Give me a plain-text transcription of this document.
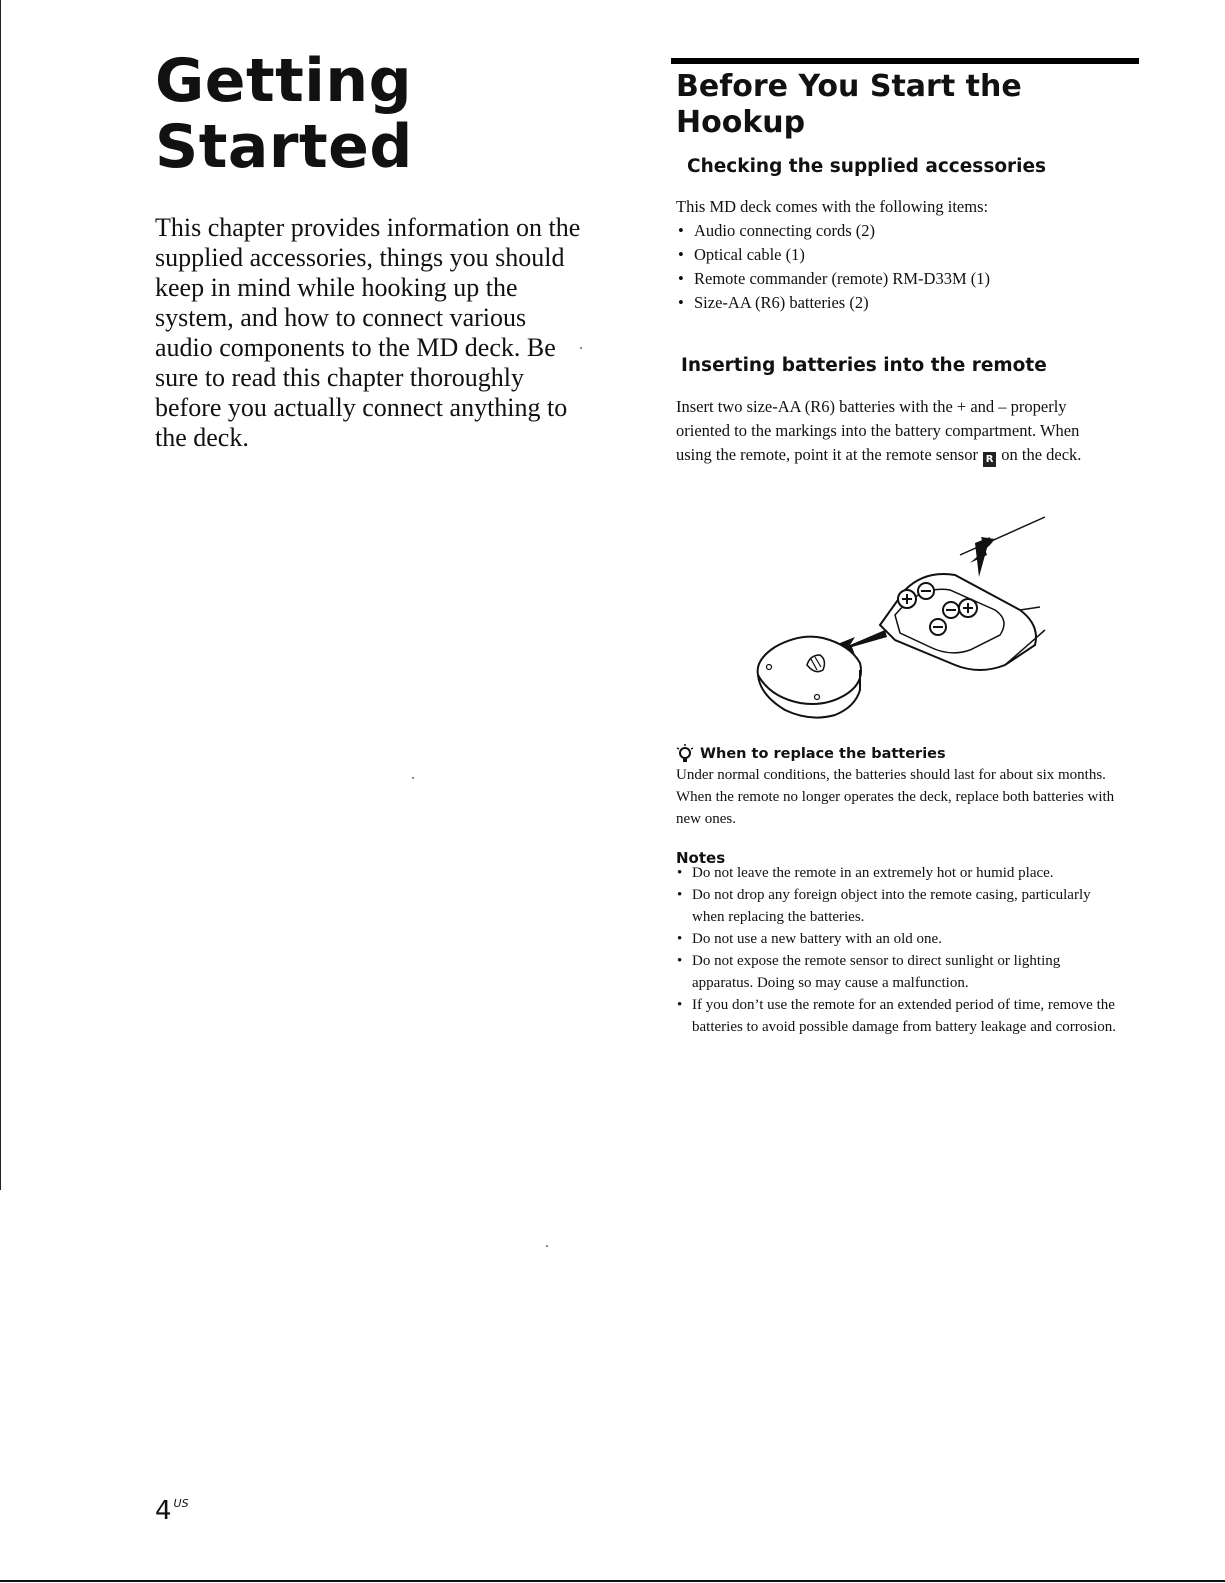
Getting
Started

This chapter provides information on the supplied accessories, things you should keep in mind while hooking up the system, and how to connect various audio components to the MD deck. Be sure to read this chapter thoroughly before you actually connect anything to the deck.

Before You Start the Hookup
Checking the supplied accessories
This MD deck comes with the following items:
• Audio connecting cords (2)
• Optical cable (1)
• Remote commander (remote) RM-D33M (1)
• Size-AA (R6) batteries (2)
Inserting batteries into the remote

Insert two size-AA (R6) batteries with the + and – properly oriented to the markings into the battery compartment. When using the remote, point it at the remote sensor R on the deck.

When to replace the batteries

Under normal conditions, the batteries should last for about six months. When the remote no longer operates the deck, replace both batteries with new ones.

Notes
• Do not leave the remote in an extremely hot or humid place.
• Do not drop any foreign object into the remote casing, particularly when replacing the batteries.
• Do not use a new battery with an old one.
• Do not expose the remote sensor to direct sunlight or lighting apparatus. Doing so may cause a malfunction.
• If you don’t use the remote for an extended period of time, remove the batteries to avoid possible damage from battery leakage and corrosion.
4 $^{US}$
